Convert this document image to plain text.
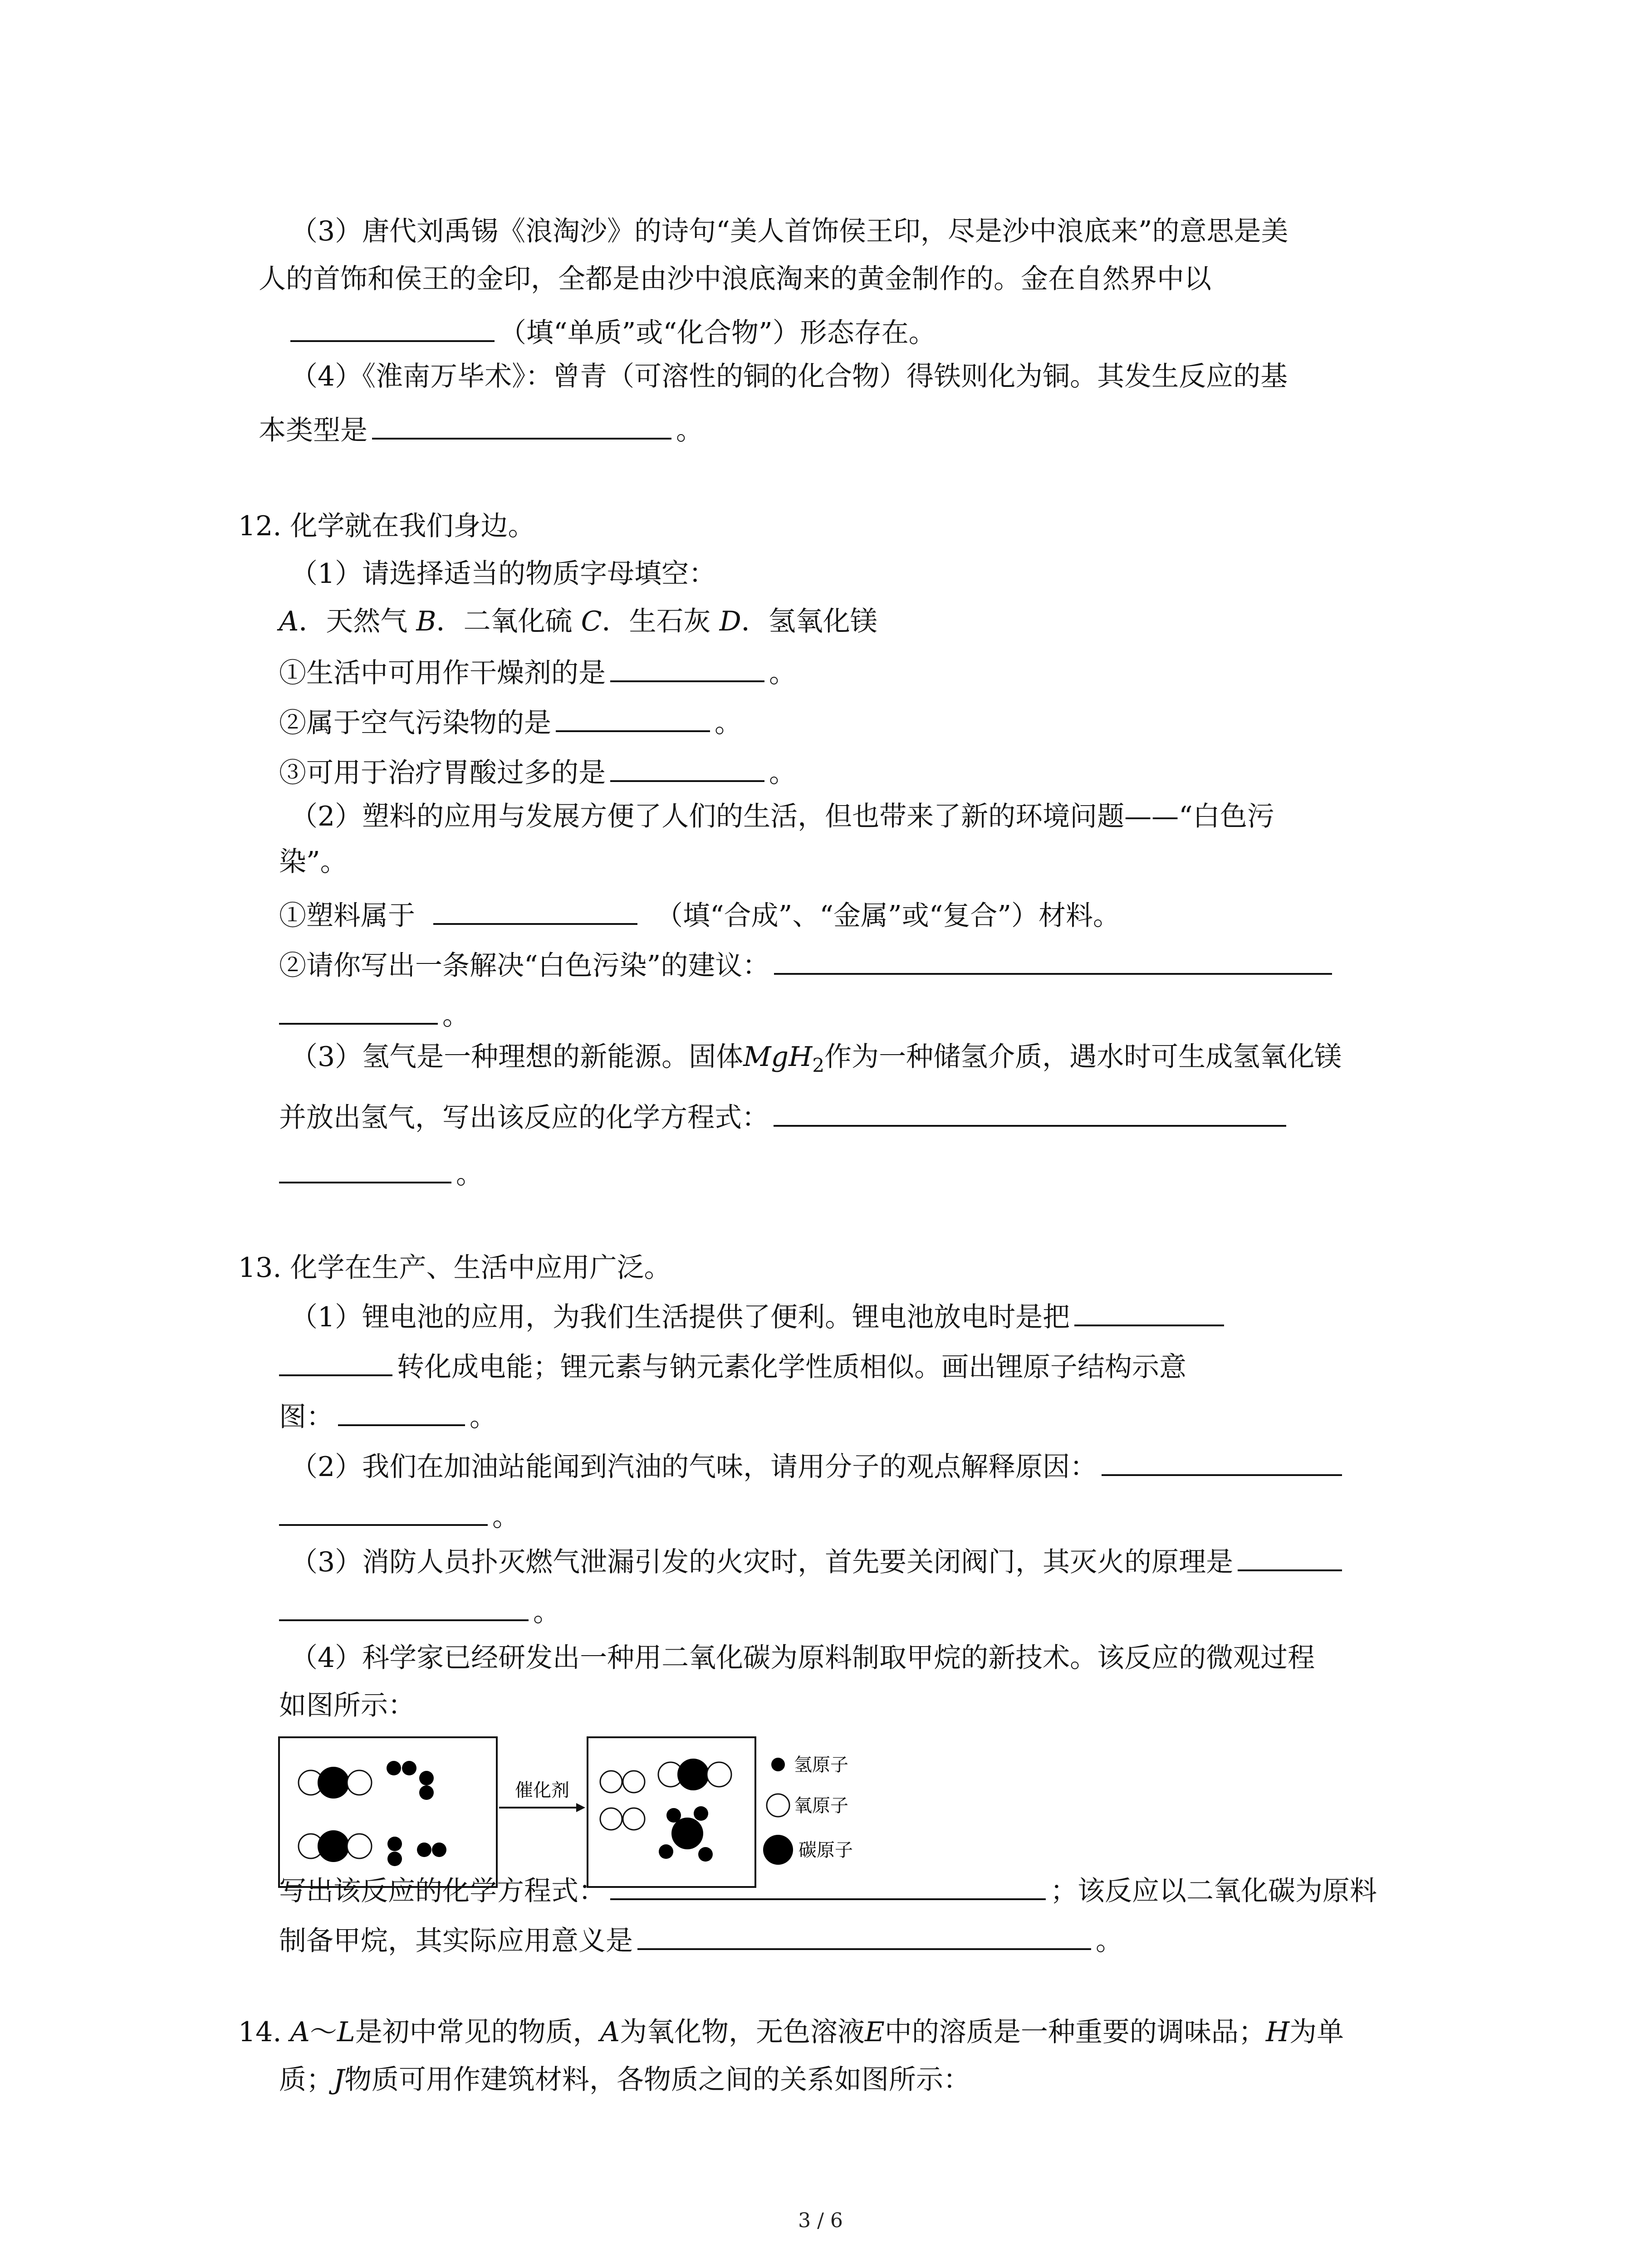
（3）唐代刘禹锡《浪淘沙》的诗句“美人首饰侯王印，尽是沙中浪底来”的意思是美
人的首饰和侯王的金印，全都是由沙中浪底淘来的黄金制作的。金在自然界中以
（填“单质”或“化合物”）形态存在。
（4）《淮南万毕术》：曾青（可溶性的铜的化合物）得铁则化为铜。其发生反应的基
本类型是	。
12. 化学就在我们身边。
（1）请选择适当的物质字母填空：
A．天然气 B．二氧化硫 C．生石灰 D．氢氧化镁
①生活中可用作干燥剂的是	。
②属于空气污染物的是	。
③可用于治疗胃酸过多的是	。
（2）塑料的应用与发展方便了人们的生活，但也带来了新的环境问题——“白色污
染”。
①塑料属于	（填“合成”、“金属”或“复合”）材料。
②请你写出一条解决“白色污染”的建议：
。
（3）氢气是一种理想的新能源。固体MgH$_2$作为一种储氢介质，遇水时可生成氢氧化镁
并放出氢气，写出该反应的化学方程式：
。
13. 化学在生产、生活中应用广泛。
（1）锂电池的应用，为我们生活提供了便利。锂电池放电时是把
转化成电能；锂元素与钠元素化学性质相似。画出锂原子结构示意
图：	。
（2）我们在加油站能闻到汽油的气味，请用分子的观点解释原因：
。
（3）消防人员扑灭燃气泄漏引发的火灾时，首先要关闭阀门，其灭火的原理是
。
（4）科学家已经研发出一种用二氧化碳为原料制取甲烷的新技术。该反应的微观过程
如图所示：
催化剂
氢原子
氧原子
碳原子
写出该反应的化学方程式：	；该反应以二氧化碳为原料
制备甲烷，其实际应用意义是	。
14. A～L是初中常见的物质，A为氧化物，无色溶液E中的溶质是一种重要的调味品；H为单
质；J物质可用作建筑材料，各物质之间的关系如图所示：
3 / 6
